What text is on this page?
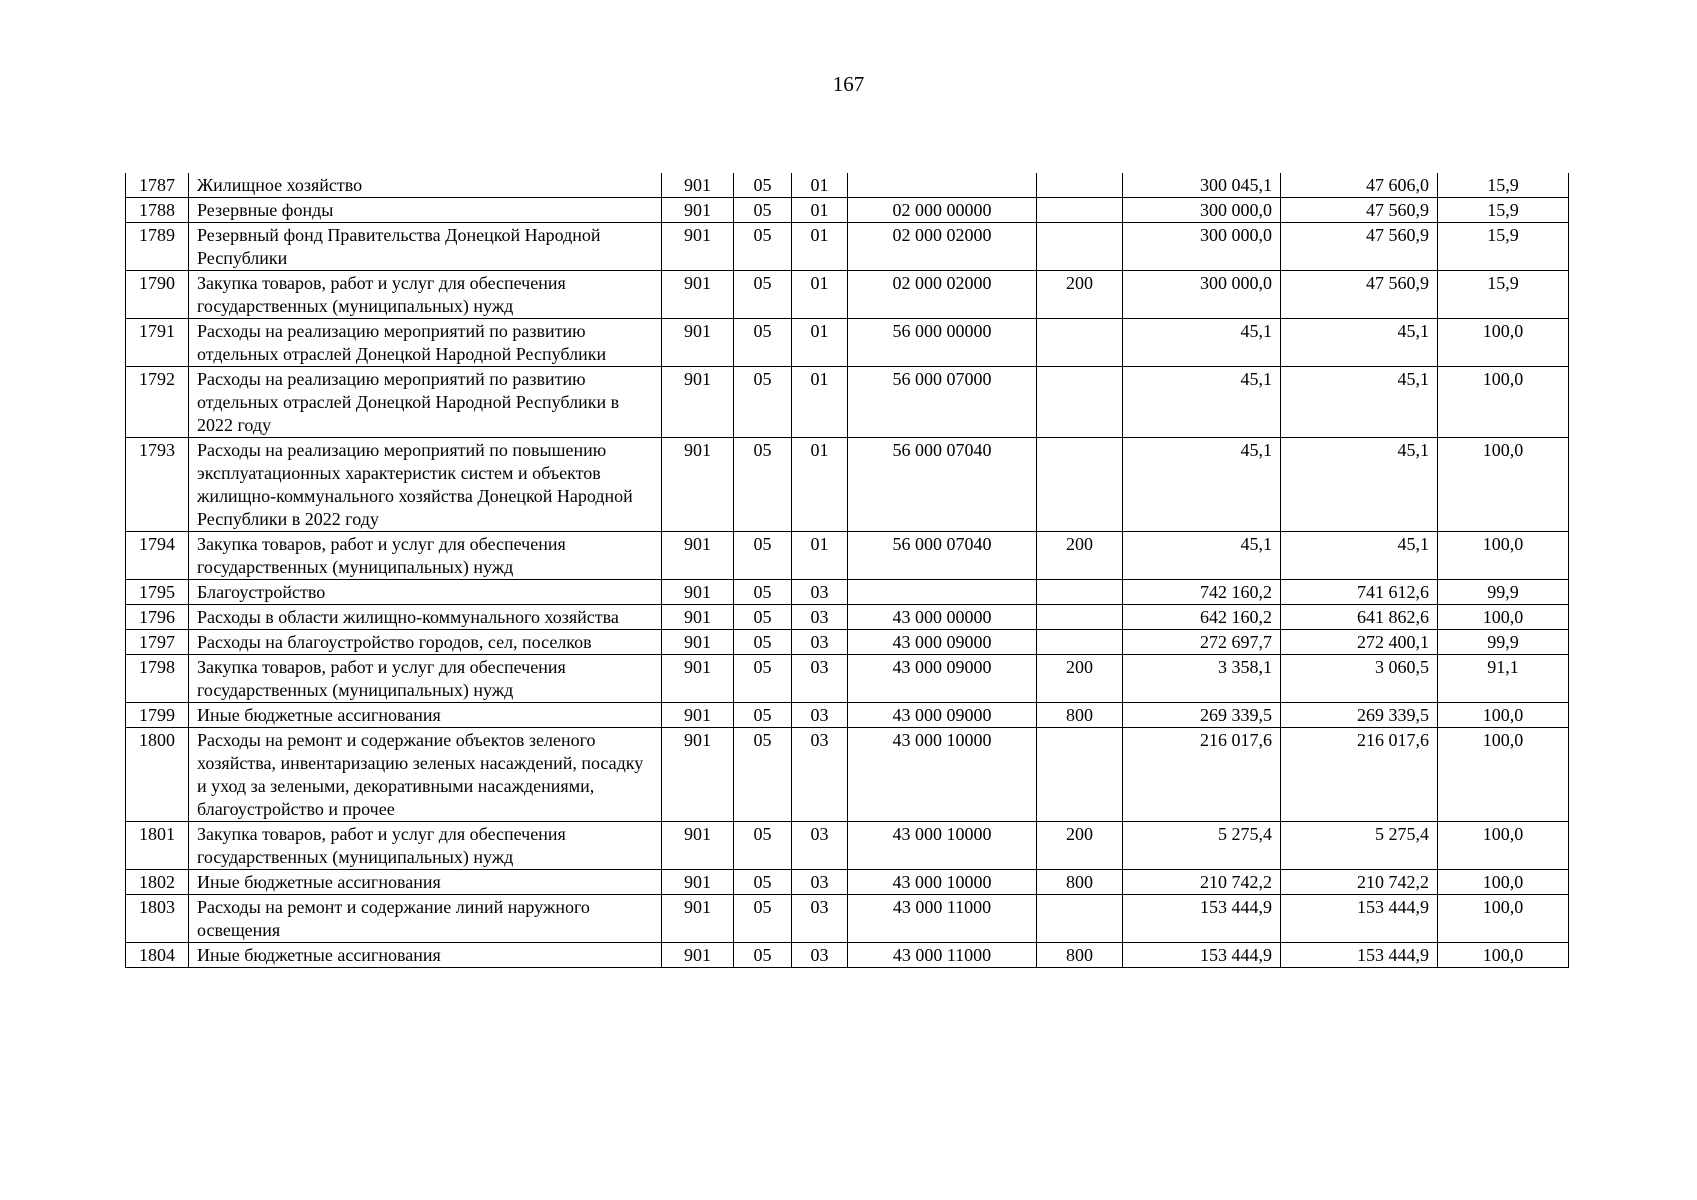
167
1787	Жилищное хозяйство	901	05	01			300 045,1	47 606,0	15,9
1788	Резервные фонды	901	05	01	02 000 00000		300 000,0	47 560,9	15,9
1789	Резервный фонд Правительства Донецкой Народной Республики	901	05	01	02 000 02000		300 000,0	47 560,9	15,9
1790	Закупка товаров, работ и услуг для обеспечения государственных (муниципальных) нужд	901	05	01	02 000 02000	200	300 000,0	47 560,9	15,9
1791	Расходы на реализацию мероприятий по развитию отдельных отраслей Донецкой Народной Республики	901	05	01	56 000 00000		45,1	45,1	100,0
1792	Расходы на реализацию мероприятий по развитию отдельных отраслей Донецкой Народной Республики в 2022 году	901	05	01	56 000 07000		45,1	45,1	100,0
1793	Расходы на реализацию мероприятий по повышению эксплуатационных характеристик систем и объектов жилищно-коммунального хозяйства Донецкой Народной Республики в 2022 году	901	05	01	56 000 07040		45,1	45,1	100,0
1794	Закупка товаров, работ и услуг для обеспечения государственных (муниципальных) нужд	901	05	01	56 000 07040	200	45,1	45,1	100,0
1795	Благоустройство	901	05	03			742 160,2	741 612,6	99,9
1796	Расходы в области жилищно-коммунального хозяйства	901	05	03	43 000 00000		642 160,2	641 862,6	100,0
1797	Расходы на благоустройство городов, сел, поселков	901	05	03	43 000 09000		272 697,7	272 400,1	99,9
1798	Закупка товаров, работ и услуг для обеспечения государственных (муниципальных) нужд	901	05	03	43 000 09000	200	3 358,1	3 060,5	91,1
1799	Иные бюджетные ассигнования	901	05	03	43 000 09000	800	269 339,5	269 339,5	100,0
1800	Расходы на ремонт и содержание объектов зеленого хозяйства, инвентаризацию зеленых насаждений, посадку и уход за зелеными, декоративными насаждениями, благоустройство и прочее	901	05	03	43 000 10000		216 017,6	216 017,6	100,0
1801	Закупка товаров, работ и услуг для обеспечения государственных (муниципальных) нужд	901	05	03	43 000 10000	200	5 275,4	5 275,4	100,0
1802	Иные бюджетные ассигнования	901	05	03	43 000 10000	800	210 742,2	210 742,2	100,0
1803	Расходы на ремонт и содержание линий наружного освещения	901	05	03	43 000 11000		153 444,9	153 444,9	100,0
1804	Иные бюджетные ассигнования	901	05	03	43 000 11000	800	153 444,9	153 444,9	100,0
